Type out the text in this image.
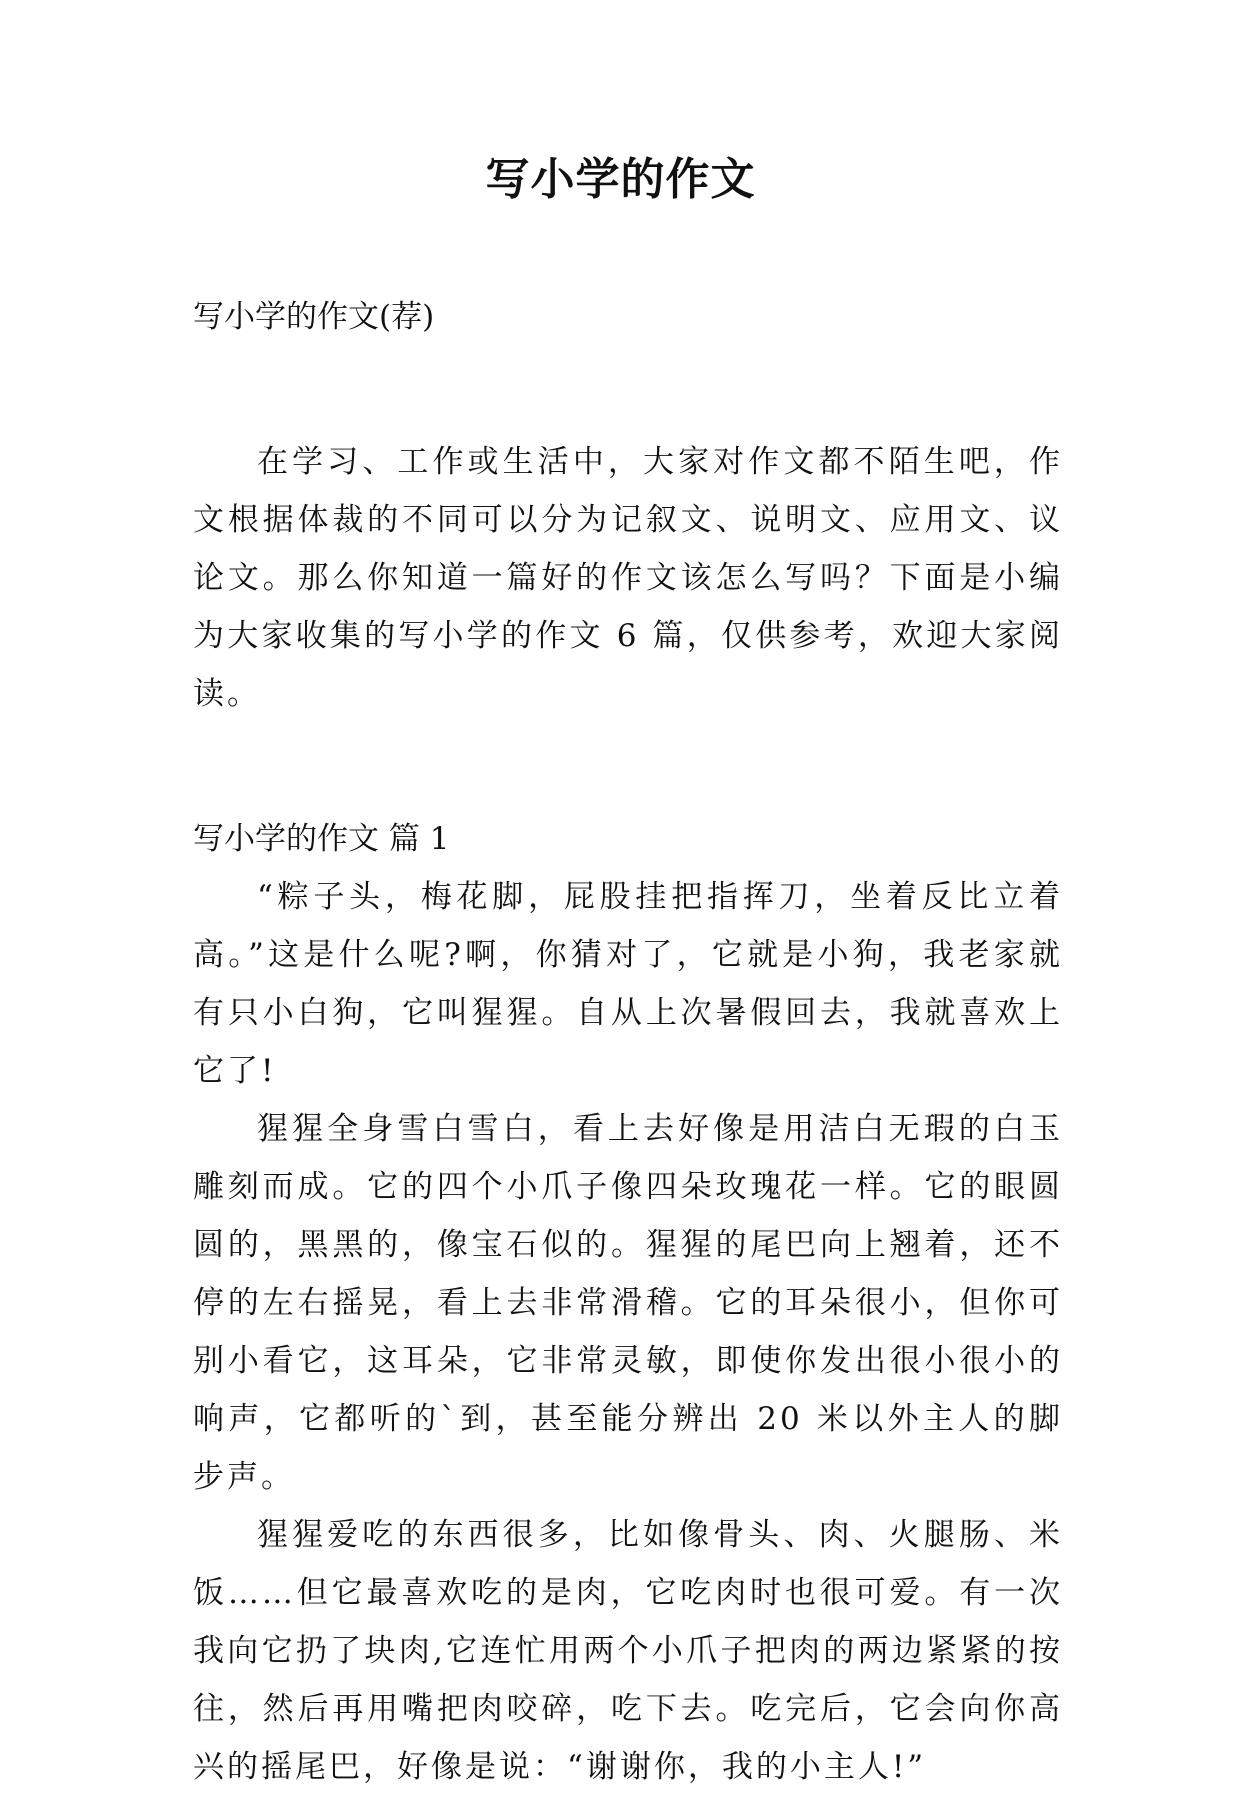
写小学的作文

写小学的作文(荐)

在学习、工作或生活中，大家对作文都不陌生吧，作文根据体裁的不同可以分为记叙文、说明文、应用文、议论文。那么你知道一篇好的作文该怎么写吗？下面是小编为大家收集的写小学的作文 6 篇，仅供参考，欢迎大家阅读。

写小学的作文 篇 1

“粽子头，梅花脚，屁股挂把指挥刀，坐着反比立着高。”这是什么呢?啊，你猜对了，它就是小狗，我老家就有只小白狗，它叫猩猩。自从上次暑假回去，我就喜欢上它了!

猩猩全身雪白雪白，看上去好像是用洁白无瑕的白玉雕刻而成。它的四个小爪子像四朵玫瑰花一样。它的眼圆圆的，黑黑的，像宝石似的。猩猩的尾巴向上翘着，还不停的左右摇晃，看上去非常滑稽。它的耳朵很小，但你可别小看它，这耳朵，它非常灵敏，即使你发出很小很小的响声，它都听的`到，甚至能分辨出 20 米以外主人的脚步声。

猩猩爱吃的东西很多，比如像骨头、肉、火腿肠、米饭……但它最喜欢吃的是肉，它吃肉时也很可爱。有一次我向它扔了块肉,它连忙用两个小爪子把肉的两边紧紧的按往，然后再用嘴把肉咬碎，吃下去。吃完后，它会向你高兴的摇尾巴，好像是说：“谢谢你，我的小主人!”
